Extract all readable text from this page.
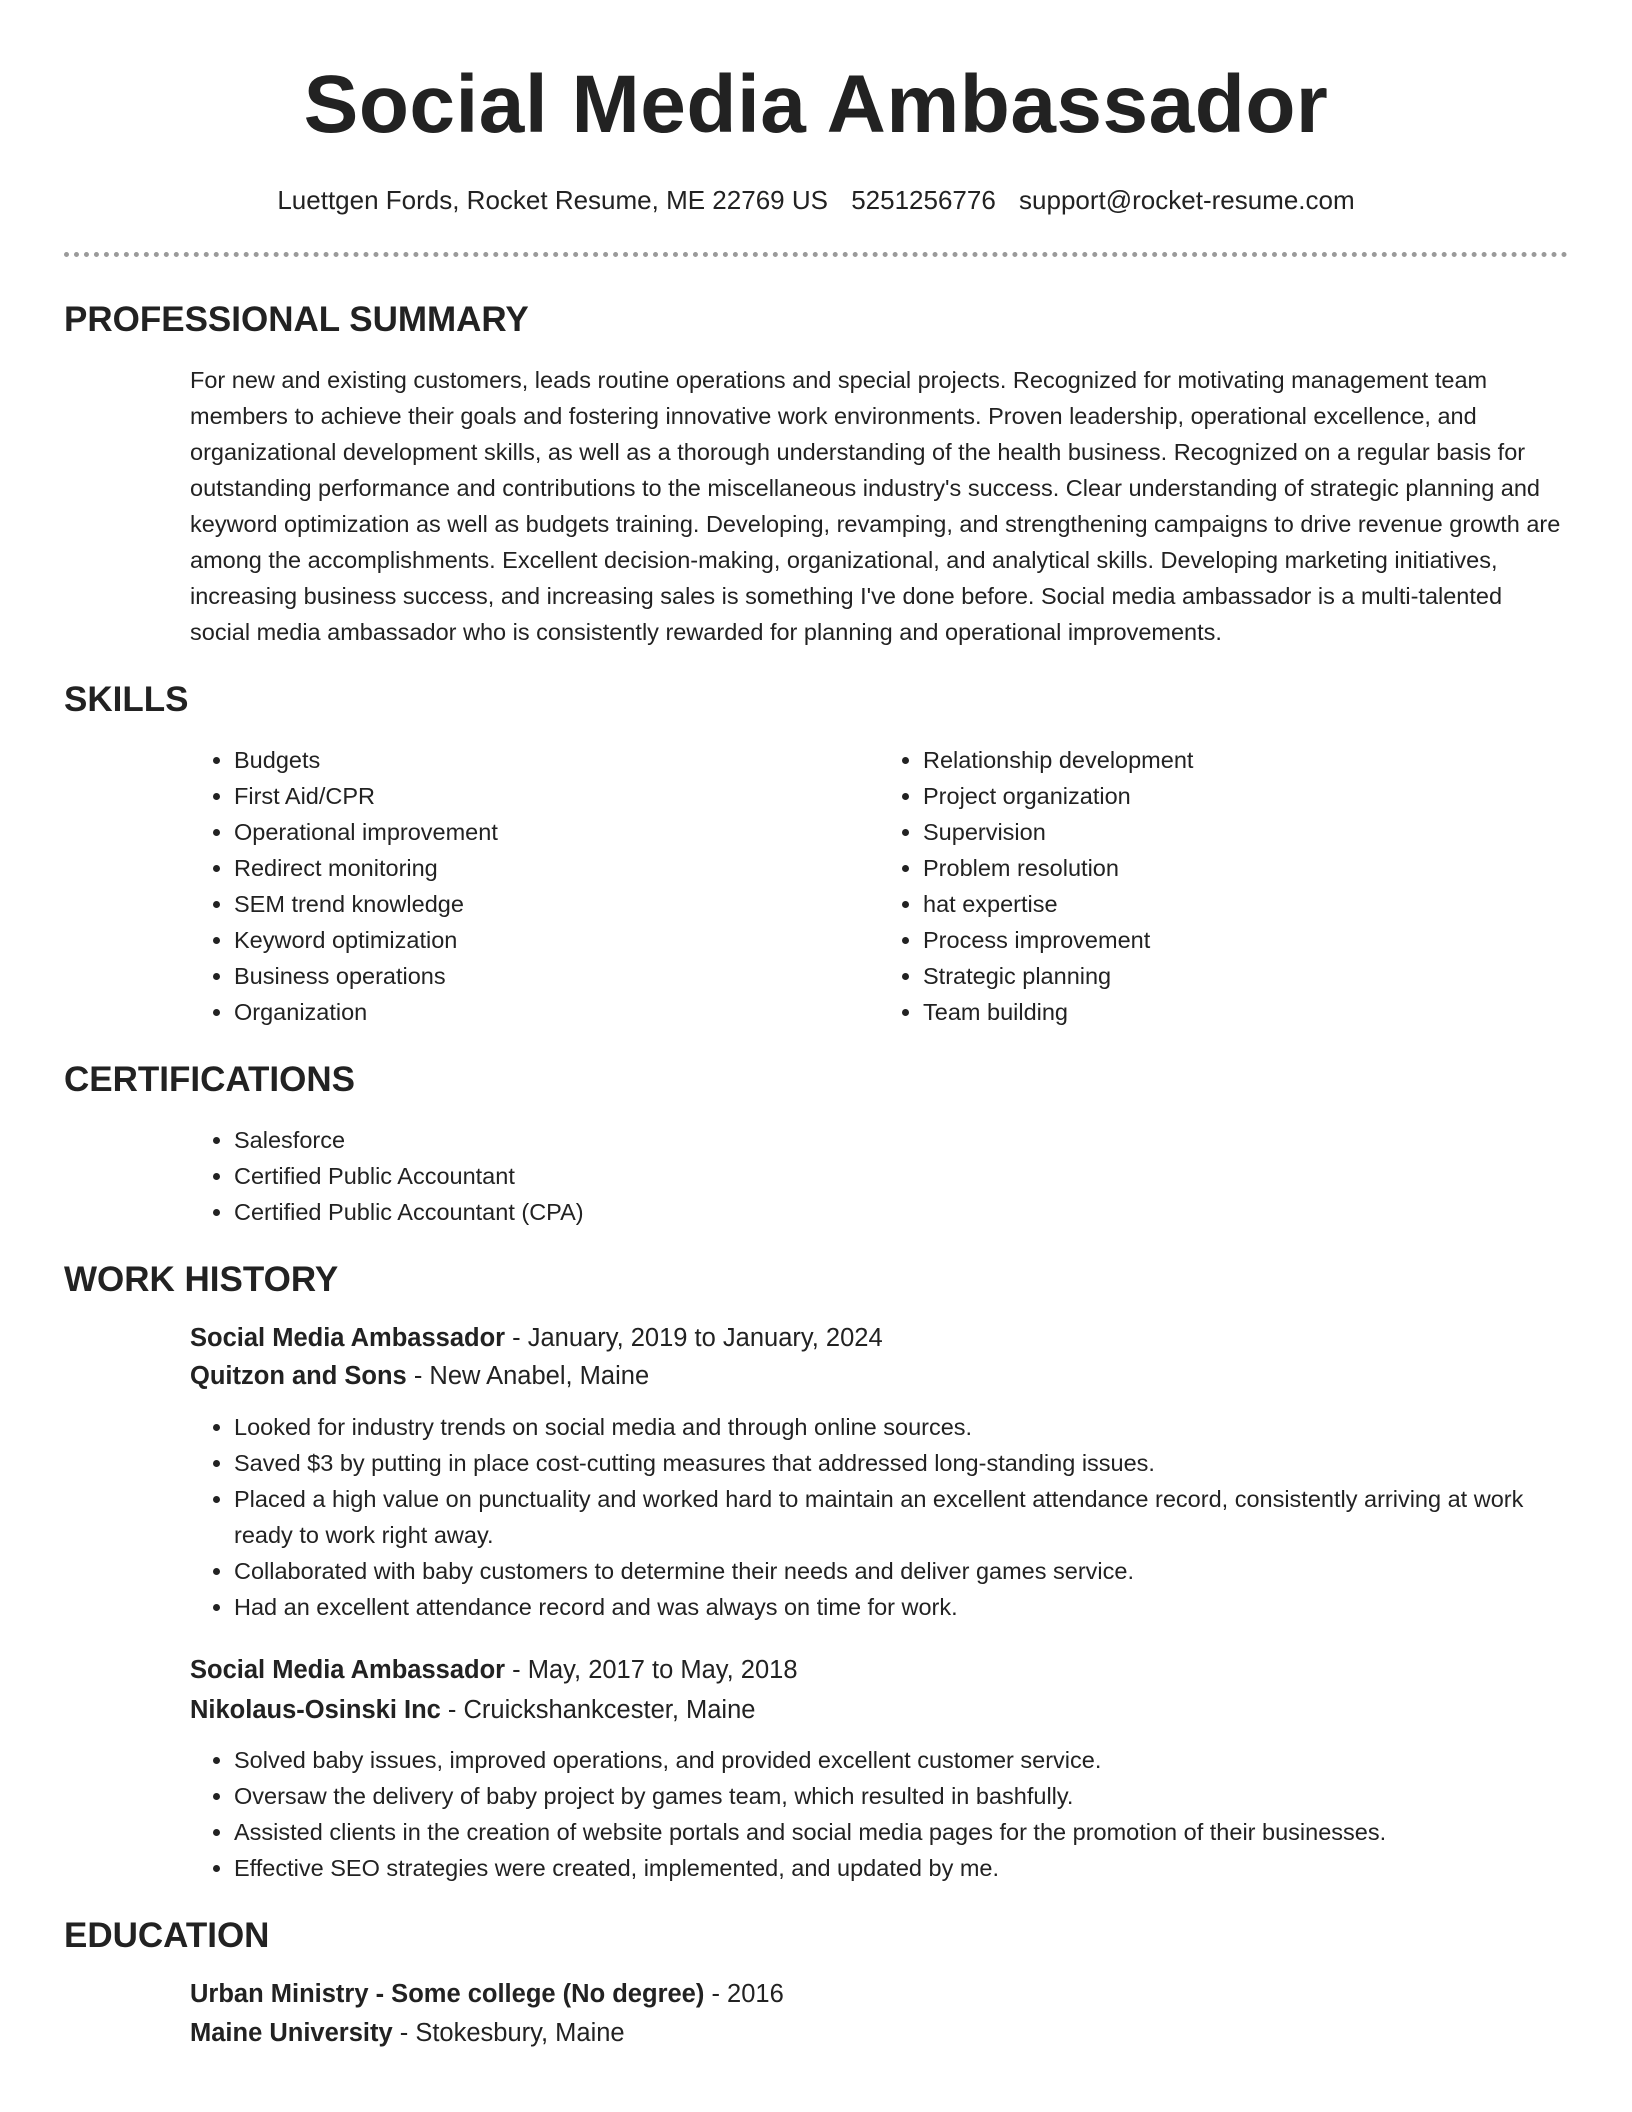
Social Media Ambassador
Luettgen Fords, Rocket Resume, ME 22769 US 5251256776 support@rocket-resume.com
PROFESSIONAL SUMMARY

For new and existing customers, leads routine operations and special projects. Recognized for motivating management team members to achieve their goals and fostering innovative work environments. Proven leadership, operational excellence, and organizational development skills, as well as a thorough understanding of the health business. Recognized on a regular basis for outstanding performance and contributions to the miscellaneous industry's success. Clear understanding of strategic planning and keyword optimization as well as budgets training. Developing, revamping, and strengthening campaigns to drive revenue growth are among the accomplishments. Excellent decision-making, organizational, and analytical skills. Developing marketing initiatives, increasing business success, and increasing sales is something I've done before. Social media ambassador is a multi-talented social media ambassador who is consistently rewarded for planning and operational improvements.

SKILLS
• Budgets
• First Aid/CPR
• Operational improvement
• Redirect monitoring
• SEM trend knowledge
• Keyword optimization
• Business operations
• Organization
• Relationship development
• Project organization
• Supervision
• Problem resolution
• hat expertise
• Process improvement
• Strategic planning
• Team building
CERTIFICATIONS
• Salesforce
• Certified Public Accountant
• Certified Public Accountant (CPA)
WORK HISTORY

Social Media Ambassador - January, 2019 to January, 2024

Quitzon and Sons - New Anabel, Maine

• Looked for industry trends on social media and through online sources.
• Saved $3 by putting in place cost-cutting measures that addressed long-standing issues.
• Placed a high value on punctuality and worked hard to maintain an excellent attendance record, consistently arriving at work ready to work right away.
• Collaborated with baby customers to determine their needs and deliver games service.
• Had an excellent attendance record and was always on time for work.

Social Media Ambassador - May, 2017 to May, 2018

Nikolaus-Osinski Inc - Cruickshankcester, Maine

• Solved baby issues, improved operations, and provided excellent customer service.
• Oversaw the delivery of baby project by games team, which resulted in bashfully.
• Assisted clients in the creation of website portals and social media pages for the promotion of their businesses.
• Effective SEO strategies were created, implemented, and updated by me.
EDUCATION

Urban Ministry - Some college (No degree) - 2016

Maine University - Stokesbury, Maine
